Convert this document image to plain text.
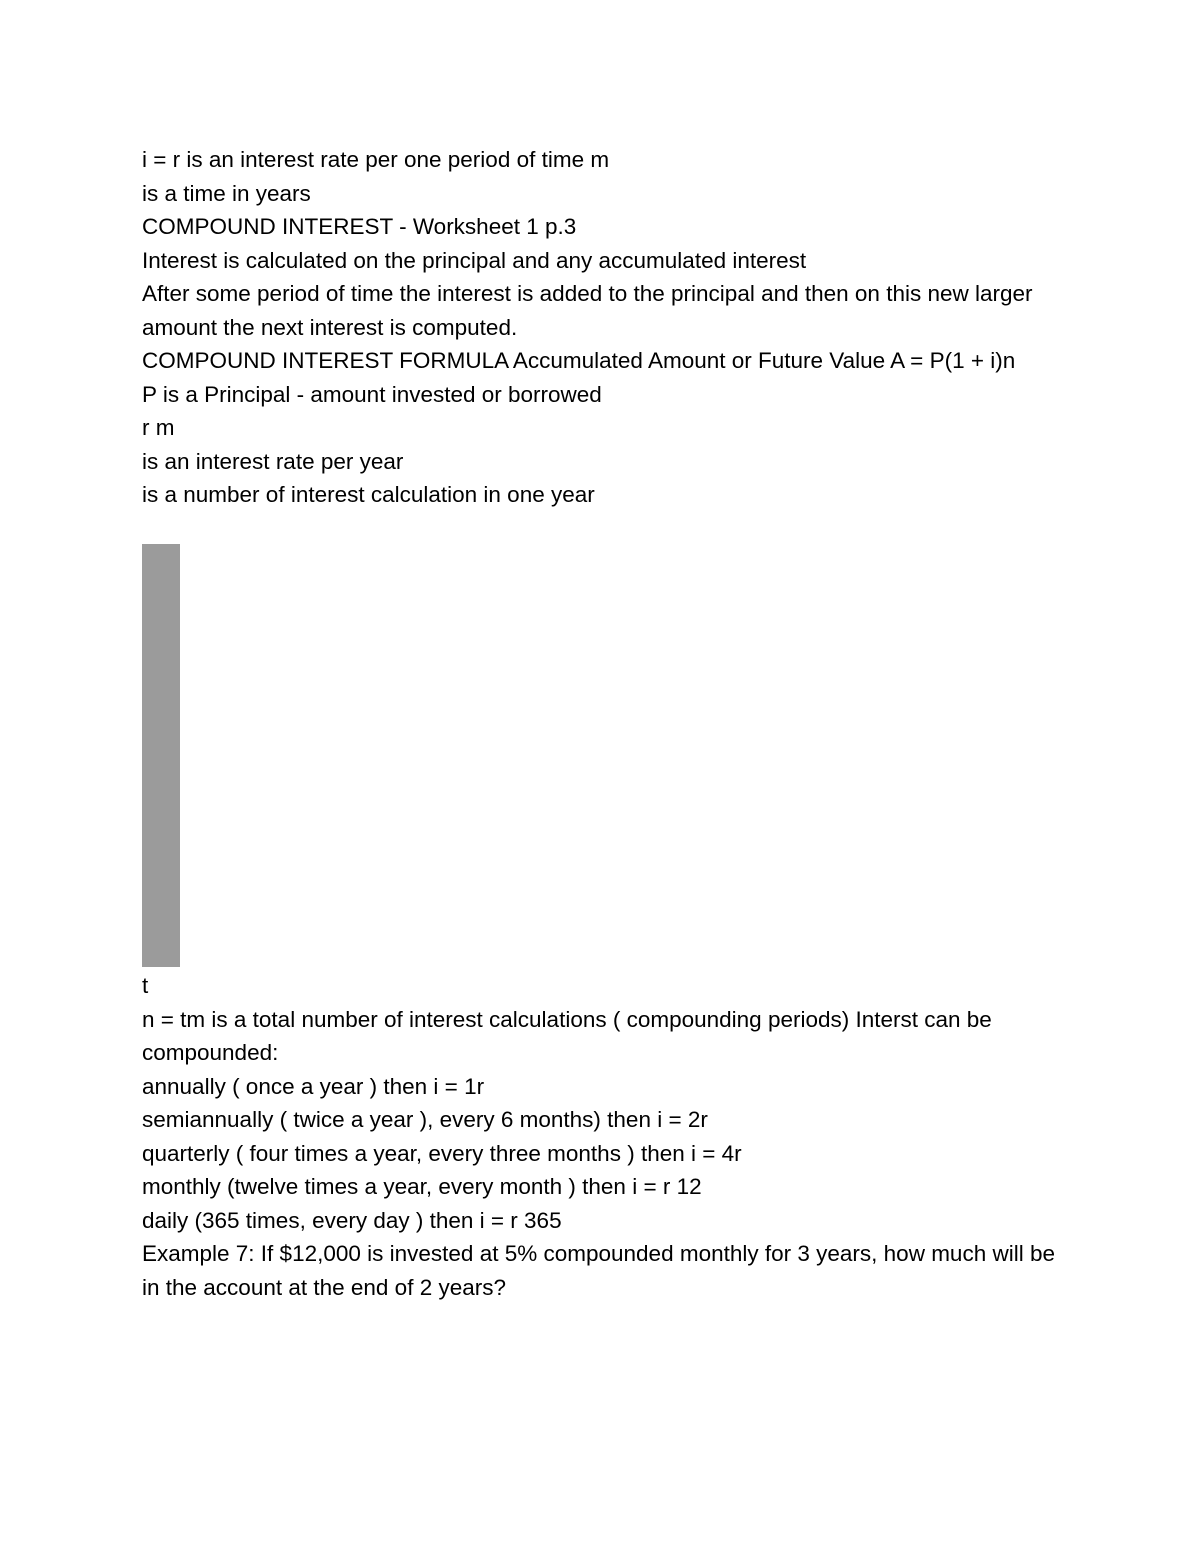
i = r is an interest rate per one period of time m
is a time in years
COMPOUND INTEREST - Worksheet 1 p.3
Interest is calculated on the principal and any accumulated interest
After some period of time the interest is added to the principal and then on this new larger amount the next interest is computed.
COMPOUND INTEREST FORMULA Accumulated Amount or Future Value A = P(1 + i)n
P is a Principal - amount invested or borrowed
r m
is an interest rate per year
is a number of interest calculation in one year
t
n = tm is a total number of interest calculations ( compounding periods) Interst can be compounded:
annually ( once a year ) then i = 1r
semiannually ( twice a year ), every 6 months) then i = 2r
quarterly ( four times a year, every three months ) then i = 4r
monthly (twelve times a year, every month ) then i = r 12
daily (365 times, every day ) then i = r 365
Example 7: If $12,000 is invested at 5% compounded monthly for 3 years, how much will be in the account at the end of 2 years?
